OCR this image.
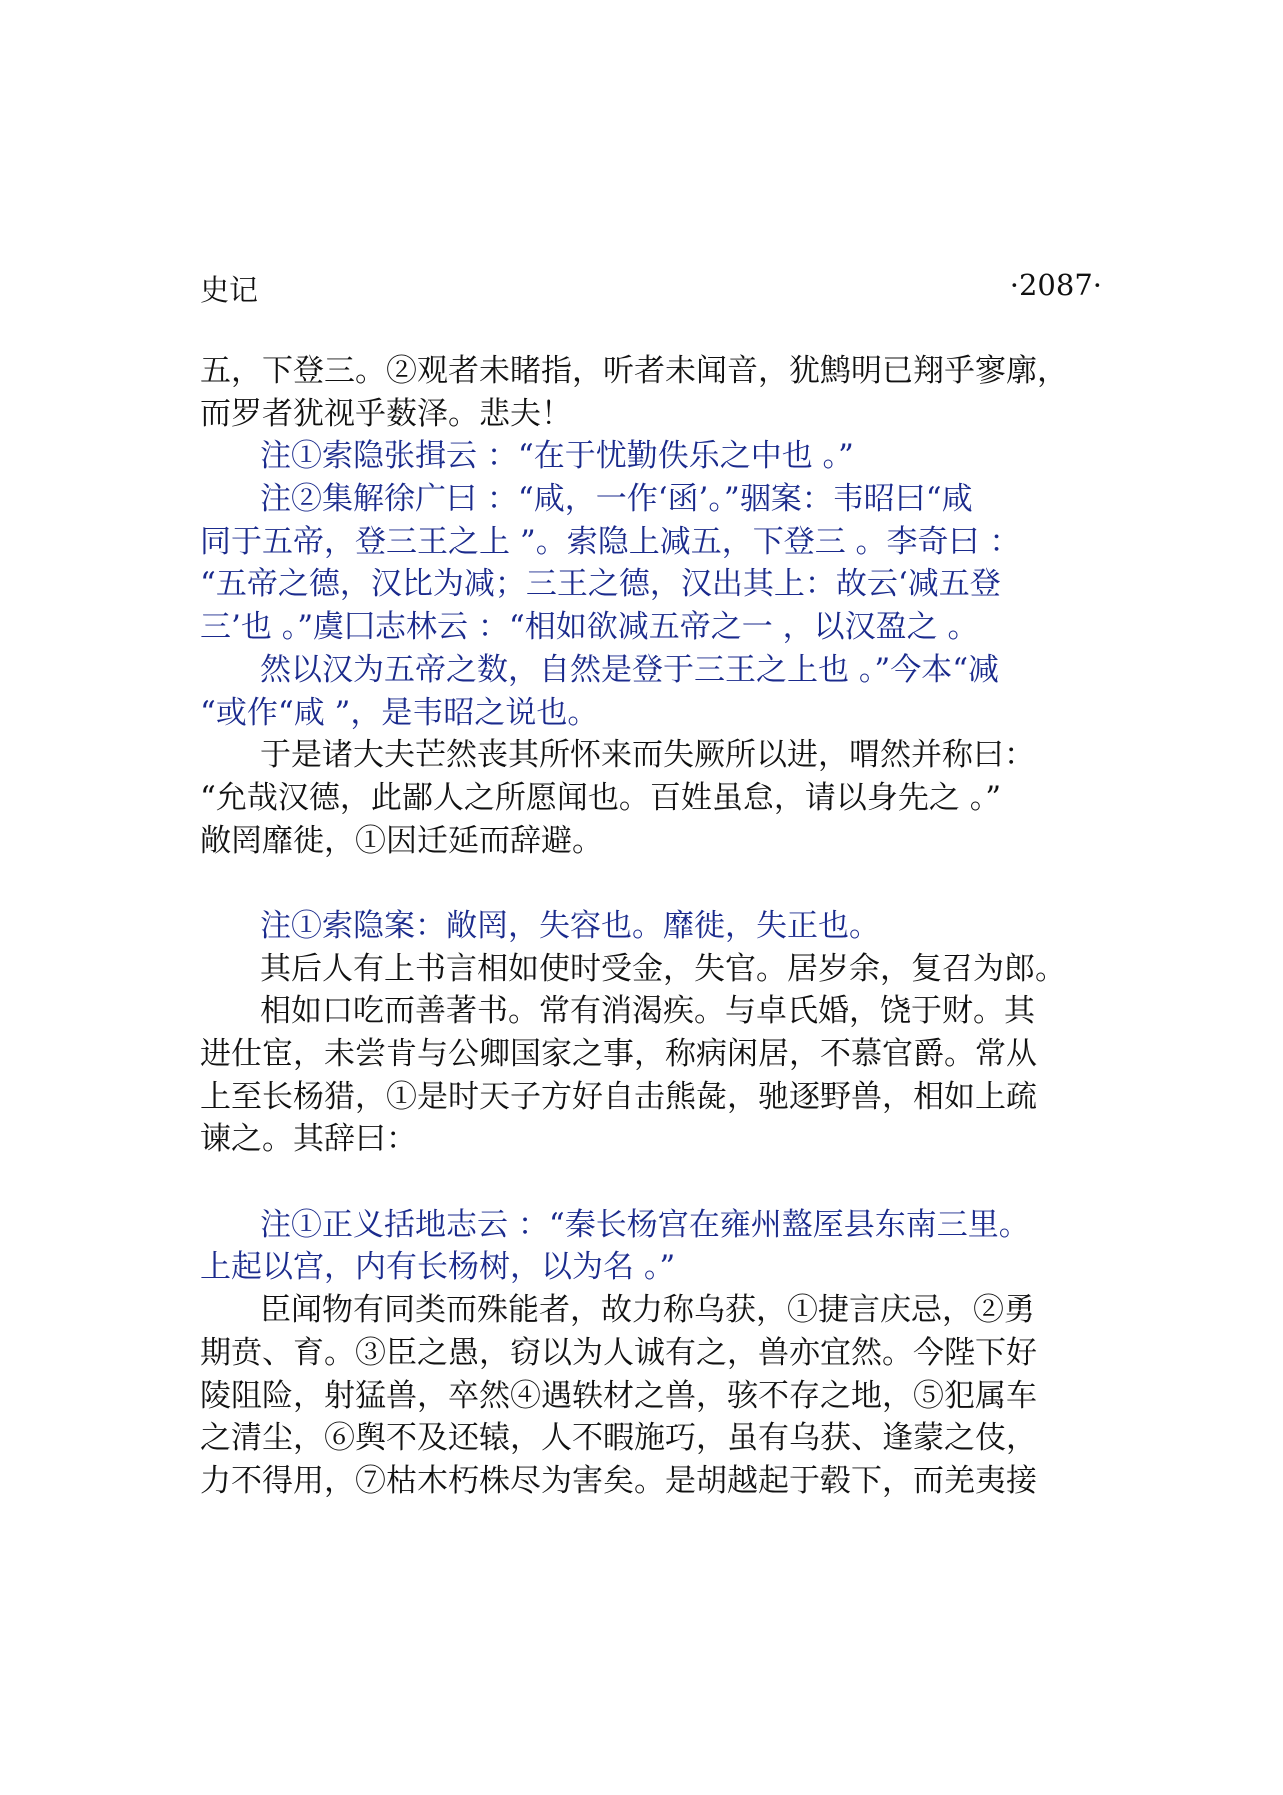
史记	·2087·
五，下登三。②观者未睹指，听者未闻音，犹鹪明已翔乎寥廓，
而罗者犹视乎薮泽。悲夫！
注①索隐张揖云 ：“在于忧勤佚乐之中也 。”
注②集解徐广曰 ：“咸，一作‘函’。”骃案：韦昭曰“咸
同于五帝，登三王之上 ”。索隐上减五，下登三 。李奇曰 ：
“五帝之德，汉比为减；三王之德，汉出其上：故云‘减五登
三’也 。”虞囗志林云 ：“相如欲减五帝之一 ，以汉盈之 。
然以汉为五帝之数，自然是登于三王之上也 。”今本“减
“或作“咸 ”，是韦昭之说也。
于是诸大夫芒然丧其所怀来而失厥所以进，喟然并称曰：
“允哉汉德，此鄙人之所愿闻也。百姓虽怠，请以身先之 。”
敞罔靡徙，①因迁延而辞避。
注①索隐案：敞罔，失容也。靡徙，失正也。
其后人有上书言相如使时受金，失官。居岁余，复召为郎。
相如口吃而善著书。常有消渴疾。与卓氏婚，饶于财。其
进仕宦，未尝肯与公卿国家之事，称病闲居，不慕官爵。常从
上至长杨猎，①是时天子方好自击熊彘，驰逐野兽，相如上疏
谏之。其辞曰：
注①正义括地志云 ：“秦长杨宫在雍州盩厔县东南三里。
上起以宫，内有长杨树，以为名 。”
臣闻物有同类而殊能者，故力称乌获，①捷言庆忌，②勇
期贲、育。③臣之愚，窃以为人诚有之，兽亦宜然。今陛下好
陵阻险，射猛兽，卒然④遇轶材之兽，骇不存之地，⑤犯属车
之清尘，⑥舆不及还辕，人不暇施巧，虽有乌获、逢蒙之伎，
力不得用，⑦枯木朽株尽为害矣。是胡越起于毂下，而羌夷接
